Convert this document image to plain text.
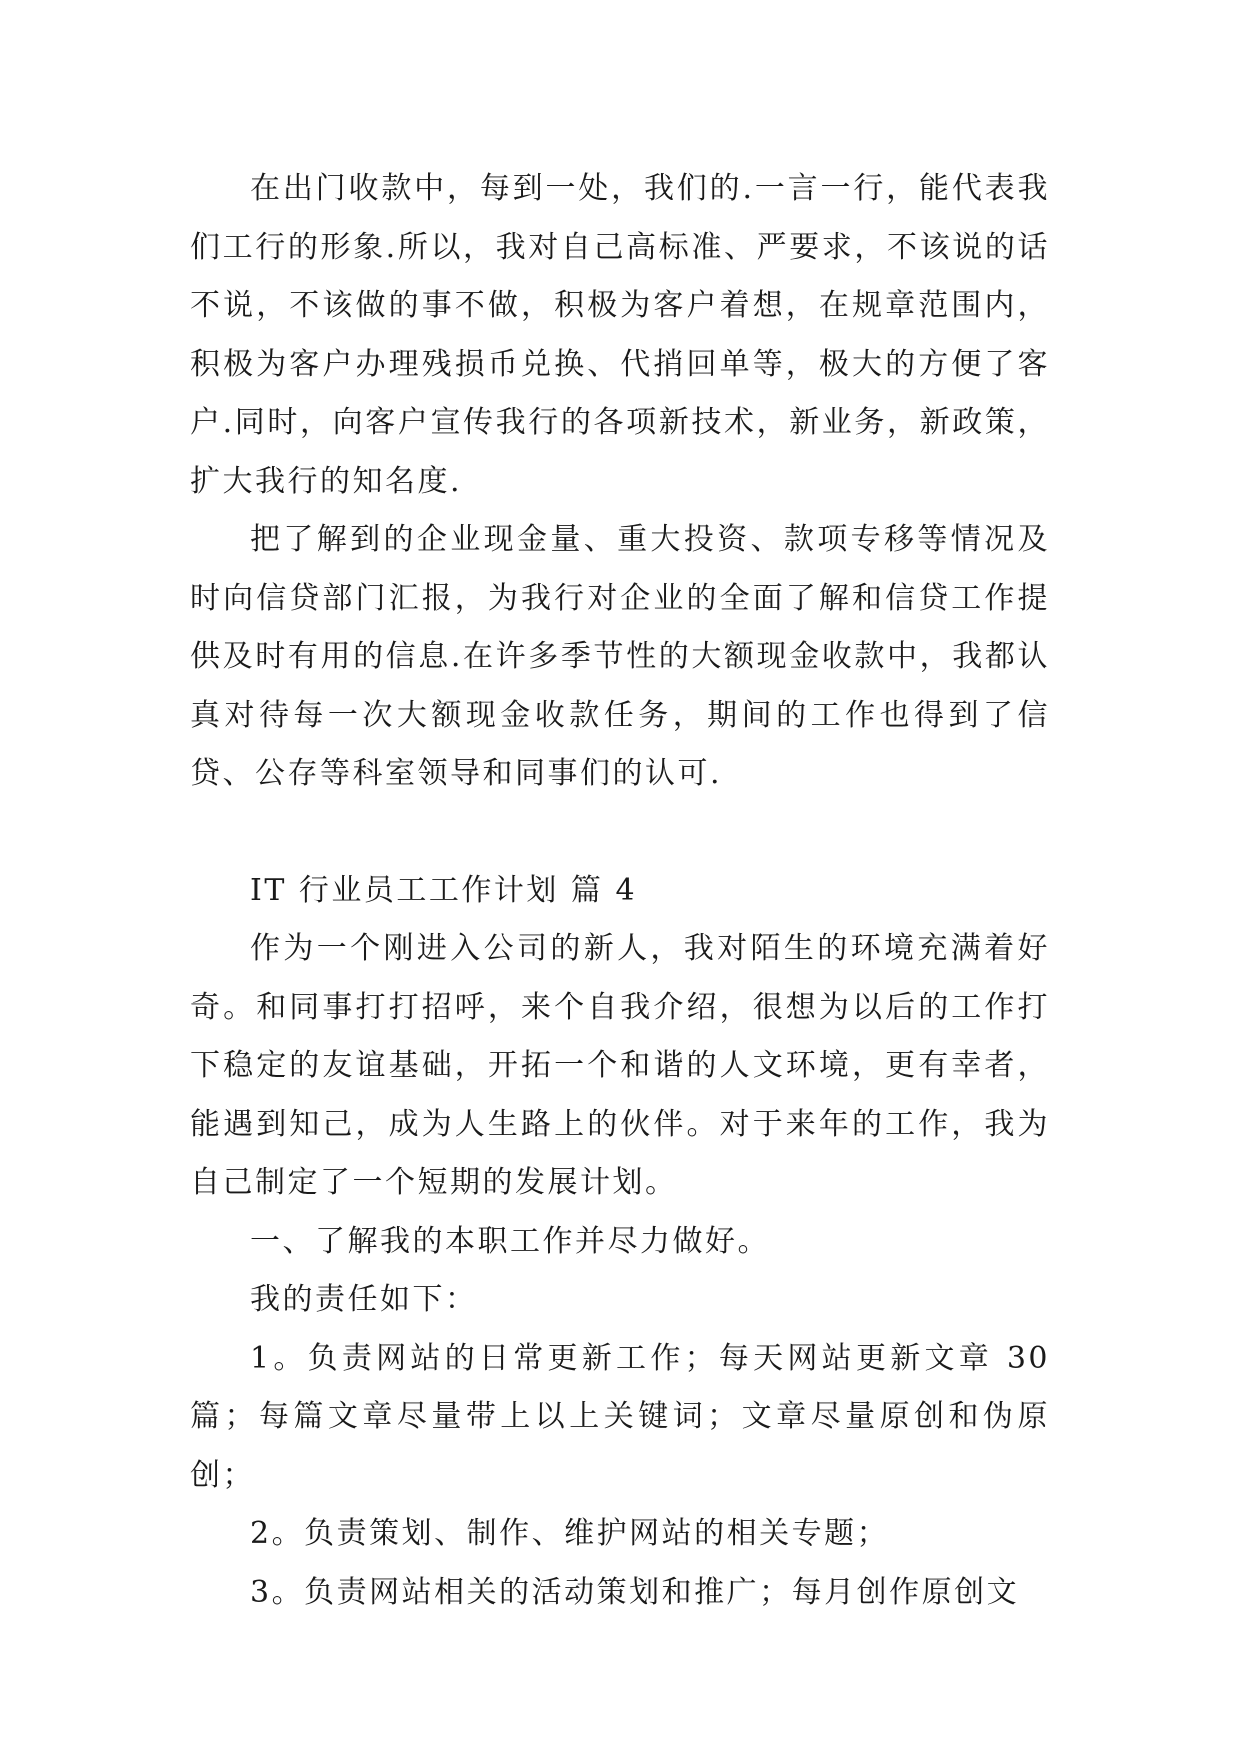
在出门收款中，每到一处，我们的.一言一行，能代表我们工行的形象.所以，我对自己高标准、严要求，不该说的话不说，不该做的事不做，积极为客户着想，在规章范围内，积极为客户办理残损币兑换、代捎回单等，极大的方便了客户.同时，向客户宣传我行的各项新技术，新业务，新政策，扩大我行的知名度.

把了解到的企业现金量、重大投资、款项专移等情况及时向信贷部门汇报，为我行对企业的全面了解和信贷工作提供及时有用的信息.在许多季节性的大额现金收款中，我都认真对待每一次大额现金收款任务，期间的工作也得到了信贷、公存等科室领导和同事们的认可.

IT 行业员工工作计划 篇 4

作为一个刚进入公司的新人，我对陌生的环境充满着好奇。和同事打打招呼，来个自我介绍，很想为以后的工作打下稳定的友谊基础，开拓一个和谐的人文环境，更有幸者，能遇到知己，成为人生路上的伙伴。对于来年的工作，我为自己制定了一个短期的发展计划。

一、了解我的本职工作并尽力做好。

我的责任如下：

1。负责网站的日常更新工作；每天网站更新文章 30 篇；每篇文章尽量带上以上关键词；文章尽量原创和伪原创；

2。负责策划、制作、维护网站的相关专题；

3。负责网站相关的活动策划和推广；每月创作原创文
